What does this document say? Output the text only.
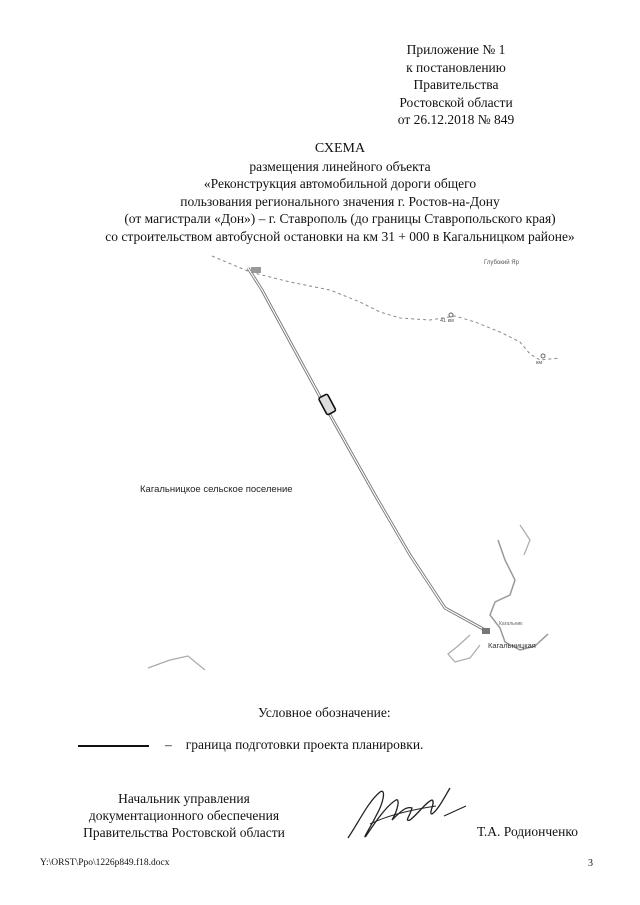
Приложение № 1
к постановлению
Правительства
Ростовской области
от 26.12.2018 № 849
СХЕМА
размещения линейного объекта
«Реконструкция автомобильной дороги общего
пользования регионального значения г. Ростов-на-Дону
(от магистрали «Дон») – г. Ставрополь (до границы Ставропольского края)
со строительством автобусной остановки на км 31 + 000 в Кагальницком районе»
Кагальницкое сельское поселение
Глубокий Яр
41 км
км
Кагальник
Кагальницкая
Условное обозначение:
– граница подготовки проекта планировки.
Начальник управления
документационного обеспечения
Правительства Ростовской области	Т.А. Родионченко
Y:\ORST\Ppo\1226p849.f18.docx	3
